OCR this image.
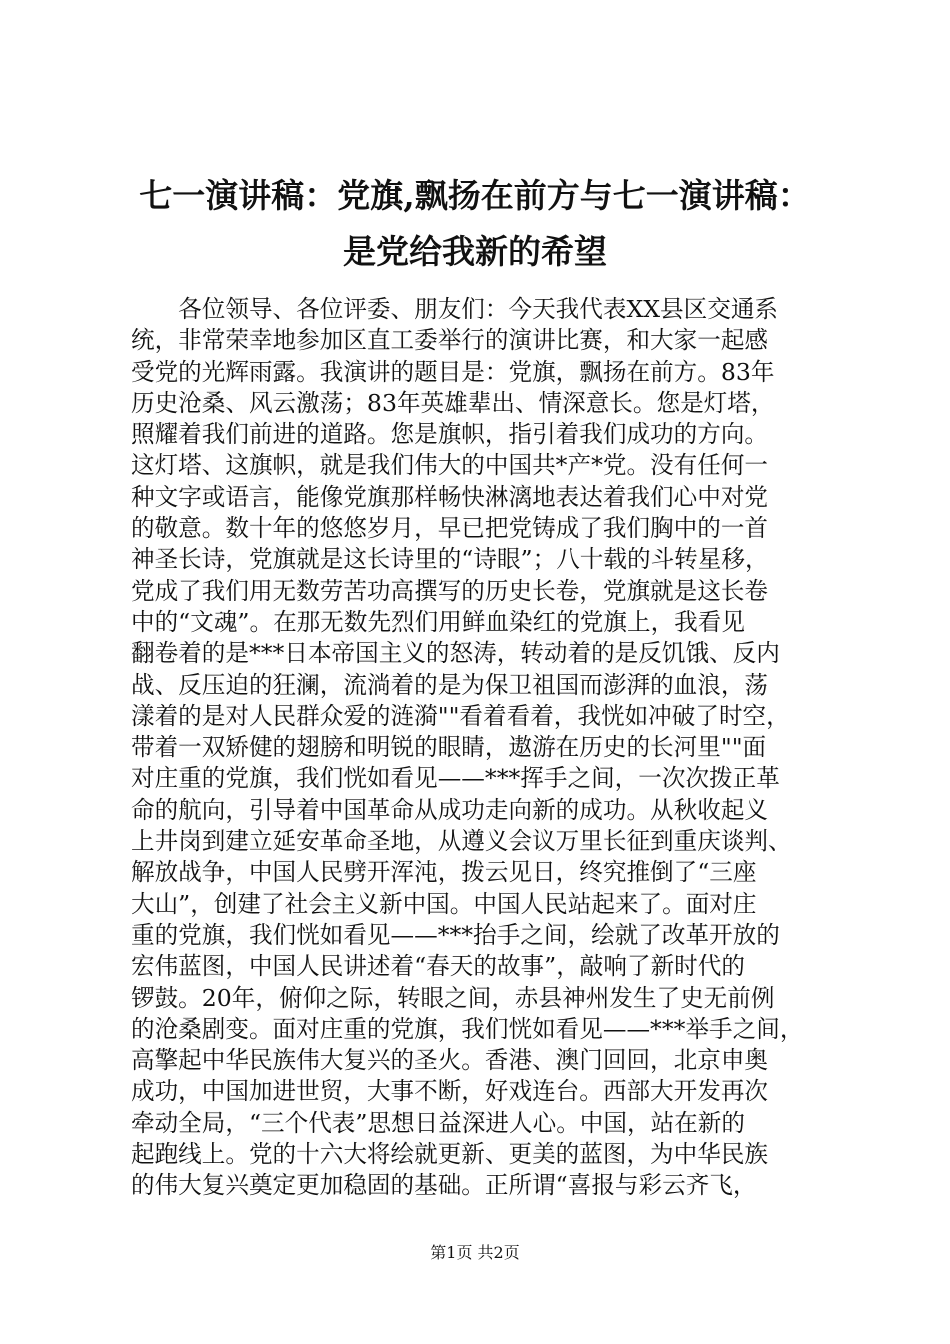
七一演讲稿：党旗,飘扬在前方与七一演讲稿：
是党给我新的希望
　　各位领导、各位评委、朋友们：今天我代表XX县区交通系
统，非常荣幸地参加区直工委举行的演讲比赛，和大家一起感
受党的光辉雨露。我演讲的题目是：党旗，飘扬在前方。83年
历史沧桑、风云激荡；83年英雄辈出、情深意长。您是灯塔，
照耀着我们前进的道路。您是旗帜，指引着我们成功的方向。
这灯塔、这旗帜，就是我们伟大的中国共*产*党。没有任何一
种文字或语言，能像党旗那样畅快淋漓地表达着我们心中对党
的敬意。数十年的悠悠岁月，早已把党铸成了我们胸中的一首
神圣长诗，党旗就是这长诗里的“诗眼”；八十载的斗转星移，
党成了我们用无数劳苦功高撰写的历史长卷，党旗就是这长卷
中的“文魂”。在那无数先烈们用鲜血染红的党旗上，我看见
翻卷着的是***日本帝国主义的怒涛，转动着的是反饥饿、反内
战、反压迫的狂澜，流淌着的是为保卫祖国而澎湃的血浪，荡
漾着的是对人民群众爱的涟漪""看着看着，我恍如冲破了时空，
带着一双矫健的翅膀和明锐的眼睛，遨游在历史的长河里""面
对庄重的党旗，我们恍如看见——***挥手之间，一次次拨正革
命的航向，引导着中国革命从成功走向新的成功。从秋收起义
上井岗到建立延安革命圣地，从遵义会议万里长征到重庆谈判、
解放战争，中国人民劈开浑沌，拨云见日，终究推倒了“三座
大山”，创建了社会主义新中国。中国人民站起来了。面对庄
重的党旗，我们恍如看见——***抬手之间，绘就了改革开放的
宏伟蓝图，中国人民讲述着“春天的故事”，敲响了新时代的
锣鼓。20年，俯仰之际，转眼之间，赤县神州发生了史无前例
的沧桑剧变。面对庄重的党旗，我们恍如看见——***举手之间，
高擎起中华民族伟大复兴的圣火。香港、澳门回回，北京申奥
成功，中国加进世贸，大事不断，好戏连台。西部大开发再次
牵动全局，“三个代表”思想日益深进人心。中国，站在新的
起跑线上。党的十六大将绘就更新、更美的蓝图，为中华民族
的伟大复兴奠定更加稳固的基础。正所谓“喜报与彩云齐飞，
第1页 共2页
